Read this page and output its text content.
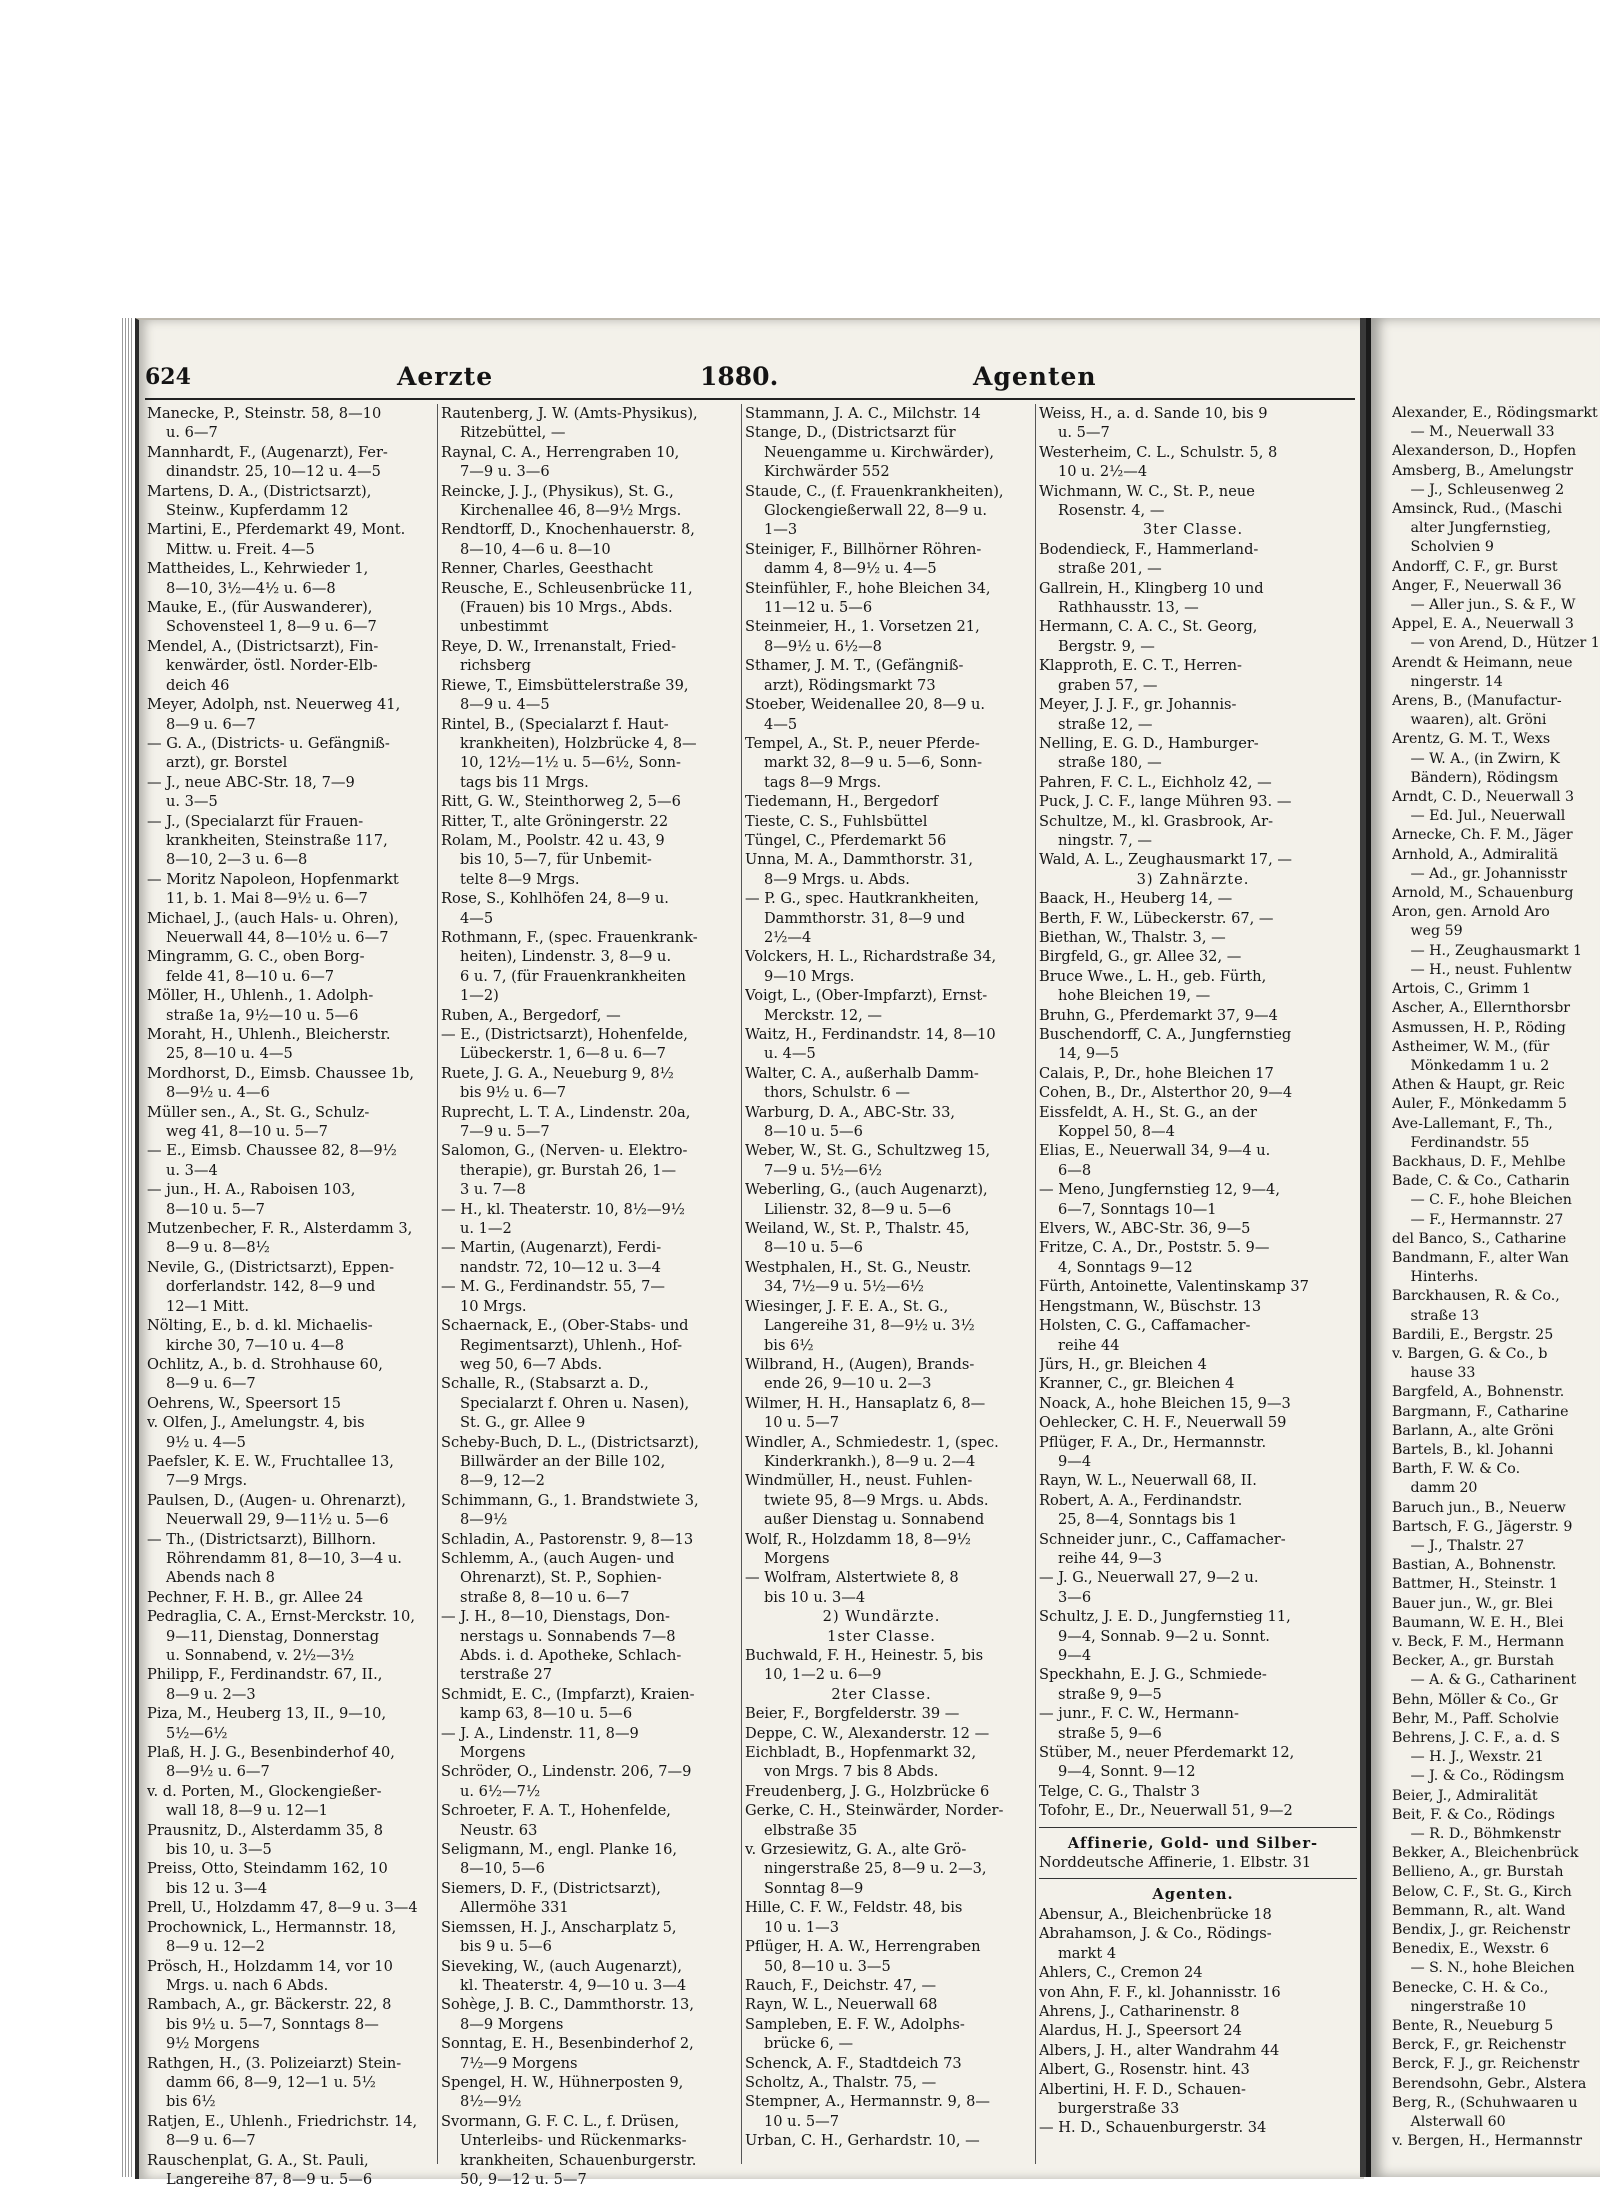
624	Aerzte	1880.	Agenten
Manecke, P., Steinstr. 58, 8—10
u. 6—7
Mannhardt, F., (Augenarzt), Fer-
dinandstr. 25, 10—12 u. 4—5
Martens, D. A., (Districtsarzt),
Steinw., Kupferdamm 12
Martini, E., Pferdemarkt 49, Mont.
Mittw. u. Freit. 4—5
Mattheides, L., Kehrwieder 1,
8—10, 3½—4½ u. 6—8
Mauke, E., (für Auswanderer),
Schovensteel 1, 8—9 u. 6—7
Mendel, A., (Districtsarzt), Fin-
kenwärder, östl. Norder-Elb-
deich 46
Meyer, Adolph, nst. Neuerweg 41,
8—9 u. 6—7
— G. A., (Districts- u. Gefängniß-
arzt), gr. Borstel
— J., neue ABC-Str. 18, 7—9
u. 3—5
— J., (Specialarzt für Frauen-
krankheiten, Steinstraße 117,
8—10, 2—3 u. 6—8
— Moritz Napoleon, Hopfenmarkt
11, b. 1. Mai 8—9½ u. 6—7
Michael, J., (auch Hals- u. Ohren),
Neuerwall 44, 8—10½ u. 6—7
Mingramm, G. C., oben Borg-
felde 41, 8—10 u. 6—7
Möller, H., Uhlenh., 1. Adolph-
straße 1a, 9½—10 u. 5—6
Moraht, H., Uhlenh., Bleicherstr.
25, 8—10 u. 4—5
Mordhorst, D., Eimsb. Chaussee 1b,
8—9½ u. 4—6
Müller sen., A., St. G., Schulz-
weg 41, 8—10 u. 5—7
— E., Eimsb. Chaussee 82, 8—9½
u. 3—4
— jun., H. A., Raboisen 103,
8—10 u. 5—7
Mutzenbecher, F. R., Alsterdamm 3,
8—9 u. 8—8½
Nevile, G., (Districtsarzt), Eppen-
dorferlandstr. 142, 8—9 und
12—1 Mitt.
Nölting, E., b. d. kl. Michaelis-
kirche 30, 7—10 u. 4—8
Ochlitz, A., b. d. Strohhause 60,
8—9 u. 6—7
Oehrens, W., Speersort 15
v. Olfen, J., Amelungstr. 4, bis
9½ u. 4—5
Paefsler, K. E. W., Fruchtallee 13,
7—9 Mrgs.
Paulsen, D., (Augen- u. Ohrenarzt),
Neuerwall 29, 9—11½ u. 5—6
— Th., (Districtsarzt), Billhorn.
Röhrendamm 81, 8—10, 3—4 u.
Abends nach 8
Pechner, F. H. B., gr. Allee 24
Pedraglia, C. A., Ernst-Merckstr. 10,
9—11, Dienstag, Donnerstag
u. Sonnabend, v. 2½—3½
Philipp, F., Ferdinandstr. 67, II.,
8—9 u. 2—3
Piza, M., Heuberg 13, II., 9—10,
5½—6½
Plaß, H. J. G., Besenbinderhof 40,
8—9½ u. 6—7
v. d. Porten, M., Glockengießer-
wall 18, 8—9 u. 12—1
Prausnitz, D., Alsterdamm 35, 8
bis 10, u. 3—5
Preiss, Otto, Steindamm 162, 10
bis 12 u. 3—4
Prell, U., Holzdamm 47, 8—9 u. 3—4
Prochownick, L., Hermannstr. 18,
8—9 u. 12—2
Prösch, H., Holzdamm 14, vor 10
Mrgs. u. nach 6 Abds.
Rambach, A., gr. Bäckerstr. 22, 8
bis 9½ u. 5—7, Sonntags 8—
9½ Morgens
Rathgen, H., (3. Polizeiarzt) Stein-
damm 66, 8—9, 12—1 u. 5½
bis 6½
Ratjen, E., Uhlenh., Friedrichstr. 14,
8—9 u. 6—7
Rauschenplat, G. A., St. Pauli,
Langereihe 87, 8—9 u. 5—6
Rautenberg, J. W. (Amts-Physikus),
Ritzebüttel, —
Raynal, C. A., Herrengraben 10,
7—9 u. 3—6
Reincke, J. J., (Physikus), St. G.,
Kirchenallee 46, 8—9½ Mrgs.
Rendtorff, D., Knochenhauerstr. 8,
8—10, 4—6 u. 8—10
Renner, Charles, Geesthacht
Reusche, E., Schleusenbrücke 11,
(Frauen) bis 10 Mrgs., Abds.
unbestimmt
Reye, D. W., Irrenanstalt, Fried-
richsberg
Riewe, T., Eimsbüttelerstraße 39,
8—9 u. 4—5
Rintel, B., (Specialarzt f. Haut-
krankheiten), Holzbrücke 4, 8—
10, 12½—1½ u. 5—6½, Sonn-
tags bis 11 Mrgs.
Ritt, G. W., Steinthorweg 2, 5—6
Ritter, T., alte Gröningerstr. 22
Rolam, M., Poolstr. 42 u. 43, 9
bis 10, 5—7, für Unbemit-
telte 8—9 Mrgs.
Rose, S., Kohlhöfen 24, 8—9 u.
4—5
Rothmann, F., (spec. Frauenkrank-
heiten), Lindenstr. 3, 8—9 u.
6 u. 7, (für Frauenkrankheiten
1—2)
Ruben, A., Bergedorf, —
— E., (Districtsarzt), Hohenfelde,
Lübeckerstr. 1, 6—8 u. 6—7
Ruete, J. G. A., Neueburg 9, 8½
bis 9½ u. 6—7
Ruprecht, L. T. A., Lindenstr. 20a,
7—9 u. 5—7
Salomon, G., (Nerven- u. Elektro-
therapie), gr. Burstah 26, 1—
3 u. 7—8
— H., kl. Theaterstr. 10, 8½—9½
u. 1—2
— Martin, (Augenarzt), Ferdi-
nandstr. 72, 10—12 u. 3—4
— M. G., Ferdinandstr. 55, 7—
10 Mrgs.
Schaernack, E., (Ober-Stabs- und
Regimentsarzt), Uhlenh., Hof-
weg 50, 6—7 Abds.
Schalle, R., (Stabsarzt a. D.,
Specialarzt f. Ohren u. Nasen),
St. G., gr. Allee 9
Scheby-Buch, D. L., (Districtsarzt),
Billwärder an der Bille 102,
8—9, 12—2
Schimmann, G., 1. Brandstwiete 3,
8—9½
Schladin, A., Pastorenstr. 9, 8—13
Schlemm, A., (auch Augen- und
Ohrenarzt), St. P., Sophien-
straße 8, 8—10 u. 6—7
— J. H., 8—10, Dienstags, Don-
nerstags u. Sonnabends 7—8
Abds. i. d. Apotheke, Schlach-
terstraße 27
Schmidt, E. C., (Impfarzt), Kraien-
kamp 63, 8—10 u. 5—6
— J. A., Lindenstr. 11, 8—9
Morgens
Schröder, O., Lindenstr. 206, 7—9
u. 6½—7½
Schroeter, F. A. T., Hohenfelde,
Neustr. 63
Seligmann, M., engl. Planke 16,
8—10, 5—6
Siemers, D. F., (Districtsarzt),
Allermöhe 331
Siemssen, H. J., Anscharplatz 5,
bis 9 u. 5—6
Sieveking, W., (auch Augenarzt),
kl. Theaterstr. 4, 9—10 u. 3—4
Sohège, J. B. C., Dammthorstr. 13,
8—9 Morgens
Sonntag, E. H., Besenbinderhof 2,
7½—9 Morgens
Spengel, H. W., Hühnerposten 9,
8½—9½
Svormann, G. F. C. L., f. Drüsen,
Unterleibs- und Rückenmarks-
krankheiten, Schauenburgerstr.
50, 9—12 u. 5—7
Stammann, J. A. C., Milchstr. 14
Stange, D., (Districtsarzt für
Neuengamme u. Kirchwärder),
Kirchwärder 552
Staude, C., (f. Frauenkrankheiten),
Glockengießerwall 22, 8—9 u.
1—3
Steiniger, F., Billhörner Röhren-
damm 4, 8—9½ u. 4—5
Steinfühler, F., hohe Bleichen 34,
11—12 u. 5—6
Steinmeier, H., 1. Vorsetzen 21,
8—9½ u. 6½—8
Sthamer, J. M. T., (Gefängniß-
arzt), Rödingsmarkt 73
Stoeber, Weidenallee 20, 8—9 u.
4—5
Tempel, A., St. P., neuer Pferde-
markt 32, 8—9 u. 5—6, Sonn-
tags 8—9 Mrgs.
Tiedemann, H., Bergedorf
Tieste, C. S., Fuhlsbüttel
Tüngel, C., Pferdemarkt 56
Unna, M. A., Dammthorstr. 31,
8—9 Mrgs. u. Abds.
— P. G., spec. Hautkrankheiten,
Dammthorstr. 31, 8—9 und
2½—4
Volckers, H. L., Richardstraße 34,
9—10 Mrgs.
Voigt, L., (Ober-Impfarzt), Ernst-
Merckstr. 12, —
Waitz, H., Ferdinandstr. 14, 8—10
u. 4—5
Walter, C. A., außerhalb Damm-
thors, Schulstr. 6 —
Warburg, D. A., ABC-Str. 33,
8—10 u. 5—6
Weber, W., St. G., Schultzweg 15,
7—9 u. 5½—6½
Weberling, G., (auch Augenarzt),
Lilienstr. 32, 8—9 u. 5—6
Weiland, W., St. P., Thalstr. 45,
8—10 u. 5—6
Westphalen, H., St. G., Neustr.
34, 7½—9 u. 5½—6½
Wiesinger, J. F. E. A., St. G.,
Langereihe 31, 8—9½ u. 3½
bis 6½
Wilbrand, H., (Augen), Brands-
ende 26, 9—10 u. 2—3
Wilmer, H. H., Hansaplatz 6, 8—
10 u. 5—7
Windler, A., Schmiedestr. 1, (spec.
Kinderkrankh.), 8—9 u. 2—4
Windmüller, H., neust. Fuhlen-
twiete 95, 8—9 Mrgs. u. Abds.
außer Dienstag u. Sonnabend
Wolf, R., Holzdamm 18, 8—9½
Morgens
— Wolfram, Alstertwiete 8, 8
bis 10 u. 3—4
2) Wundärzte.
1ster Classe.
Buchwald, F. H., Heinestr. 5, bis
10, 1—2 u. 6—9
2ter Classe.
Beier, F., Borgfelderstr. 39 —
Deppe, C. W., Alexanderstr. 12 —
Eichbladt, B., Hopfenmarkt 32,
von Mrgs. 7 bis 8 Abds.
Freudenberg, J. G., Holzbrücke 6
Gerke, C. H., Steinwärder, Norder-
elbstraße 35
v. Grzesiewitz, G. A., alte Grö-
ningerstraße 25, 8—9 u. 2—3,
Sonntag 8—9
Hille, C. F. W., Feldstr. 48, bis
10 u. 1—3
Pflüger, H. A. W., Herrengraben
50, 8—10 u. 3—5
Rauch, F., Deichstr. 47, —
Rayn, W. L., Neuerwall 68
Sampleben, E. F. W., Adolphs-
brücke 6, —
Schenck, A. F., Stadtdeich 73
Scholtz, A., Thalstr. 75, —
Stempner, A., Hermannstr. 9, 8—
10 u. 5—7
Urban, C. H., Gerhardstr. 10, —
Weiss, H., a. d. Sande 10, bis 9
u. 5—7
Westerheim, C. L., Schulstr. 5, 8
10 u. 2½—4
Wichmann, W. C., St. P., neue
Rosenstr. 4, —
3ter Classe.
Bodendieck, F., Hammerland-
straße 201, —
Gallrein, H., Klingberg 10 und
Rathhausstr. 13, —
Hermann, C. A. C., St. Georg,
Bergstr. 9, —
Klapproth, E. C. T., Herren-
graben 57, —
Meyer, J. J. F., gr. Johannis-
straße 12, —
Nelling, E. G. D., Hamburger-
straße 180, —
Pahren, F. C. L., Eichholz 42, —
Puck, J. C. F., lange Mühren 93. —
Schultze, M., kl. Grasbrook, Ar-
ningstr. 7, —
Wald, A. L., Zeughausmarkt 17, —
3) Zahnärzte.
Baack, H., Heuberg 14, —
Berth, F. W., Lübeckerstr. 67, —
Biethan, W., Thalstr. 3, —
Birgfeld, G., gr. Allee 32, —
Bruce Wwe., L. H., geb. Fürth,
hohe Bleichen 19, —
Bruhn, G., Pferdemarkt 37, 9—4
Buschendorff, C. A., Jungfernstieg
14, 9—5
Calais, P., Dr., hohe Bleichen 17
Cohen, B., Dr., Alsterthor 20, 9—4
Eissfeldt, A. H., St. G., an der
Koppel 50, 8—4
Elias, E., Neuerwall 34, 9—4 u.
6—8
— Meno, Jungfernstieg 12, 9—4,
6—7, Sonntags 10—1
Elvers, W., ABC-Str. 36, 9—5
Fritze, C. A., Dr., Poststr. 5. 9—
4, Sonntags 9—12
Fürth, Antoinette, Valentinskamp 37
Hengstmann, W., Büschstr. 13
Holsten, C. G., Caffamacher-
reihe 44
Jürs, H., gr. Bleichen 4
Kranner, C., gr. Bleichen 4
Noack, A., hohe Bleichen 15, 9—3
Oehlecker, C. H. F., Neuerwall 59
Pflüger, F. A., Dr., Hermannstr.
9—4
Rayn, W. L., Neuerwall 68, II.
Robert, A. A., Ferdinandstr.
25, 8—4, Sonntags bis 1
Schneider junr., C., Caffamacher-
reihe 44, 9—3
— J. G., Neuerwall 27, 9—2 u.
3—6
Schultz, J. E. D., Jungfernstieg 11,
9—4, Sonnab. 9—2 u. Sonnt.
9—4
Speckhahn, E. J. G., Schmiede-
straße 9, 9—5
— junr., F. C. W., Hermann-
straße 5, 9—6
Stüber, M., neuer Pferdemarkt 12,
9—4, Sonnt. 9—12
Telge, C. G., Thalstr 3
Tofohr, E., Dr., Neuerwall 51, 9—2
Affinerie, Gold- und Silber-
Norddeutsche Affinerie, 1. Elbstr. 31
Agenten.
Abensur, A., Bleichenbrücke 18
Abrahamson, J. & Co., Rödings-
markt 4
Ahlers, C., Cremon 24
von Ahn, F. F., kl. Johannisstr. 16
Ahrens, J., Catharinenstr. 8
Alardus, H. J., Speersort 24
Albers, J. H., alter Wandrahm 44
Albert, G., Rosenstr. hint. 43
Albertini, H. F. D., Schauen-
burgerstraße 33
— H. D., Schauenburgerstr. 34
Alexander, E., Rödingsmarkt
— M., Neuerwall 33
Alexanderson, D., Hopfen
Amsberg, B., Amelungstr
— J., Schleusenweg 2
Amsinck, Rud., (Maschi
alter Jungfernstieg,
Scholvien 9
Andorff, C. F., gr. Burst
Anger, F., Neuerwall 36
— Aller jun., S. & F., W
Appel, E. A., Neuerwall 3
— von Arend, D., Hützer 1
Arendt & Heimann, neue
ningerstr. 14
Arens, B., (Manufactur-
waaren), alt. Gröni
Arentz, G. M. T., Wexs
— W. A., (in Zwirn, K
Bändern), Rödingsm
Arndt, C. D., Neuerwall 3
— Ed. Jul., Neuerwall
Arnecke, Ch. F. M., Jäger
Arnhold, A., Admiralitä
— Ad., gr. Johannisstr
Arnold, M., Schauenburg
Aron, gen. Arnold Aro
weg 59
— H., Zeughausmarkt 1
— H., neust. Fuhlentw
Artois, C., Grimm 1
Ascher, A., Ellernthorsbr
Asmussen, H. P., Röding
Astheimer, W. M., (für
Mönkedamm 1 u. 2
Athen & Haupt, gr. Reic
Auler, F., Mönkedamm 5
Ave-Lallemant, F., Th.,
Ferdinandstr. 55
Backhaus, D. F., Mehlbe
Bade, C. & Co., Catharin
— C. F., hohe Bleichen
— F., Hermannstr. 27
del Banco, S., Catharine
Bandmann, F., alter Wan
Hinterhs.
Barckhausen, R. & Co.,
straße 13
Bardili, E., Bergstr. 25
v. Bargen, G. & Co., b
hause 33
Bargfeld, A., Bohnenstr.
Bargmann, F., Catharine
Barlann, A., alte Gröni
Bartels, B., kl. Johanni
Barth, F. W. & Co.
damm 20
Baruch jun., B., Neuerw
Bartsch, F. G., Jägerstr. 9
— J., Thalstr. 27
Bastian, A., Bohnenstr.
Battmer, H., Steinstr. 1
Bauer jun., W., gr. Blei
Baumann, W. E. H., Blei
v. Beck, F. M., Hermann
Becker, A., gr. Burstah
— A. & G., Catharinent
Behn, Möller & Co., Gr
Behr, M., Paff. Scholvie
Behrens, J. C. F., a. d. S
— H. J., Wexstr. 21
— J. & Co., Rödingsm
Beier, J., Admiralität
Beit, F. & Co., Rödings
— R. D., Böhmkenstr
Bekker, A., Bleichenbrück
Bellieno, A., gr. Burstah
Below, C. F., St. G., Kirch
Bemmann, R., alt. Wand
Bendix, J., gr. Reichenstr
Benedix, E., Wexstr. 6
— S. N., hohe Bleichen
Benecke, C. H. & Co.,
ningerstraße 10
Bente, R., Neueburg 5
Berck, F., gr. Reichenstr
Berck, F. J., gr. Reichenstr
Berendsohn, Gebr., Alstera
Berg, R., (Schuhwaaren u
Alsterwall 60
v. Bergen, H., Hermannstr
